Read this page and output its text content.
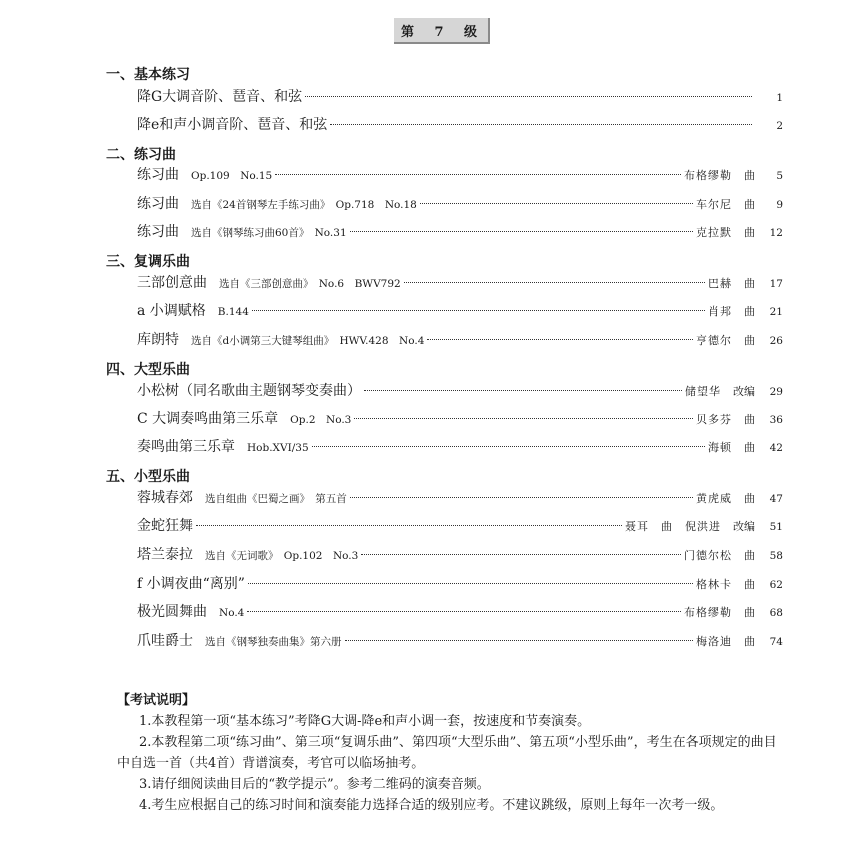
第 7 级
一、基本练习
降G大调音阶、琶音、和弦	1
降e和声小调音阶、琶音、和弦	2
二、练习曲
练习曲 Op.109　No.15	布格缪勒 曲	5
练习曲 选自《24首钢琴左手练习曲》　Op.718　No.18	车尔尼 曲	9
练习曲 选自《钢琴练习曲60首》　No.31	克拉默 曲	12
三、复调乐曲
三部创意曲 选自《三部创意曲》　No.6　BWV792	巴赫 曲	17
a 小调赋格 B.144	肖邦 曲	21
库朗特 选自《d小调第三大键琴组曲》　HWV.428　No.4	亨德尔 曲	26
四、大型乐曲
小松树（同名歌曲主题钢琴变奏曲）	储望华 改编	29
C 大调奏鸣曲第三乐章 Op.2　No.3	贝多芬 曲	36
奏鸣曲第三乐章 Hob.XVI/35	海顿 曲	42
五、小型乐曲
蓉城春郊 选自组曲《巴蜀之画》　第五首	黄虎威 曲	47
金蛇狂舞	聂耳　曲　倪洪进 改编	51
塔兰泰拉 选自《无词歌》　Op.102　No.3	门德尔松 曲	58
f 小调夜曲“离别”	格林卡 曲	62
极光圆舞曲 No.4	布格缪勒 曲	68
爪哇爵士 选自《钢琴独奏曲集》第六册	梅洛迪 曲	74
【考试说明】

1.本教程第一项“基本练习”考降G大调-降e和声小调一套，按速度和节奏演奏。

2.本教程第二项“练习曲”、第三项“复调乐曲”、第四项“大型乐曲”、第五项“小型乐曲”，考生在各项规定的曲目中自选一首（共4首）背谱演奏，考官可以临场抽考。

3.请仔细阅读曲目后的“教学提示”。参考二维码的演奏音频。

4.考生应根据自己的练习时间和演奏能力选择合适的级别应考。不建议跳级，原则上每年一次考一级。
